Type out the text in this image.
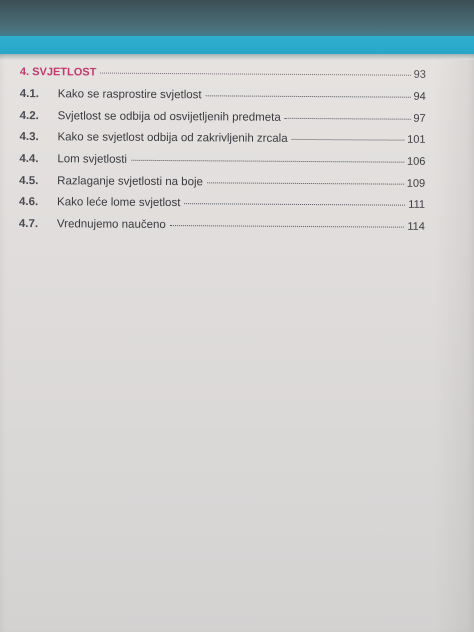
4. SVJETLOST	93
4.1.	Kako se rasprostire svjetlost	94
4.2.	Svjetlost se odbija od osvijetljenih predmeta	97
4.3.	Kako se svjetlost odbija od zakrivljenih zrcala	101
4.4.	Lom svjetlosti	106
4.5.	Razlaganje svjetlosti na boje	109
4.6.	Kako leće lome svjetlost	111
4.7.	Vrednujemo naučeno	114
